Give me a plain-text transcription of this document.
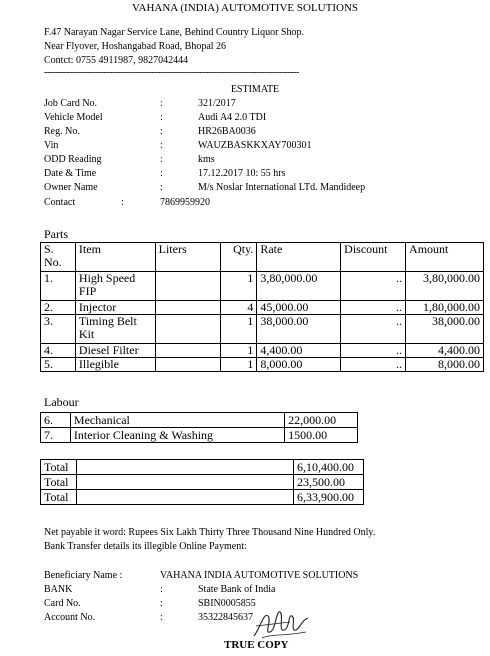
VAHANA (INDIA) AUTOMOTIVE SOLUTIONS
F.47 Narayan Nagar Service Lane, Behind Country Liquor Shop.
Near Flyover, Hoshangabad Road, Bhopal 26
Contct: 0755 4911987, 9827042444
------------------------------------------------------------------------------------------
ESTIMATE
Job Card No.	:	321/2017
Vehicle Model	:	Audi A4 2.0 TDI
Reg. No.	:	HR26BA0036
Vin	:	WAUZBASKKXAY700301
ODD Reading	:	kms
Date & Time	:	17.12.2017 10: 55 hrs
Owner Name	:	M/s Noslar International LTd. Mandideep
Contact	:	7869959920
Parts
S. No.	Item	Liters	Qty.	Rate	Discount	Amount
1.	High Speed FIP		1	3,80,000.00	..	3,80,000.00
2.	Injector		4	45,000.00	..	1,80,000.00
3.	Timing Belt Kit		1	38,000.00	..	38,000.00
4.	Diesel Filter		1	4,400.00	..	4,400.00
5.	Illegible		1	8,000.00	..	8,000.00
Labour
6.	Mechanical	22,000.00
7.	Interior Cleaning & Washing	1500.00
Total		6,10,400.00
Total		23,500.00
Total		6,33,900.00
Net payable it word: Rupees Six Lakh Thirty Three Thousand Nine Hundred Only.
Bank Transfer details its illegible Online Payment:
Beneficiary Name :	VAHANA INDIA AUTOMOTIVE SOLUTIONS
BANK	:	State Bank of India
Card No.	:	SBIN0005855
Account No.	:	35322845637
TRUE COPY
